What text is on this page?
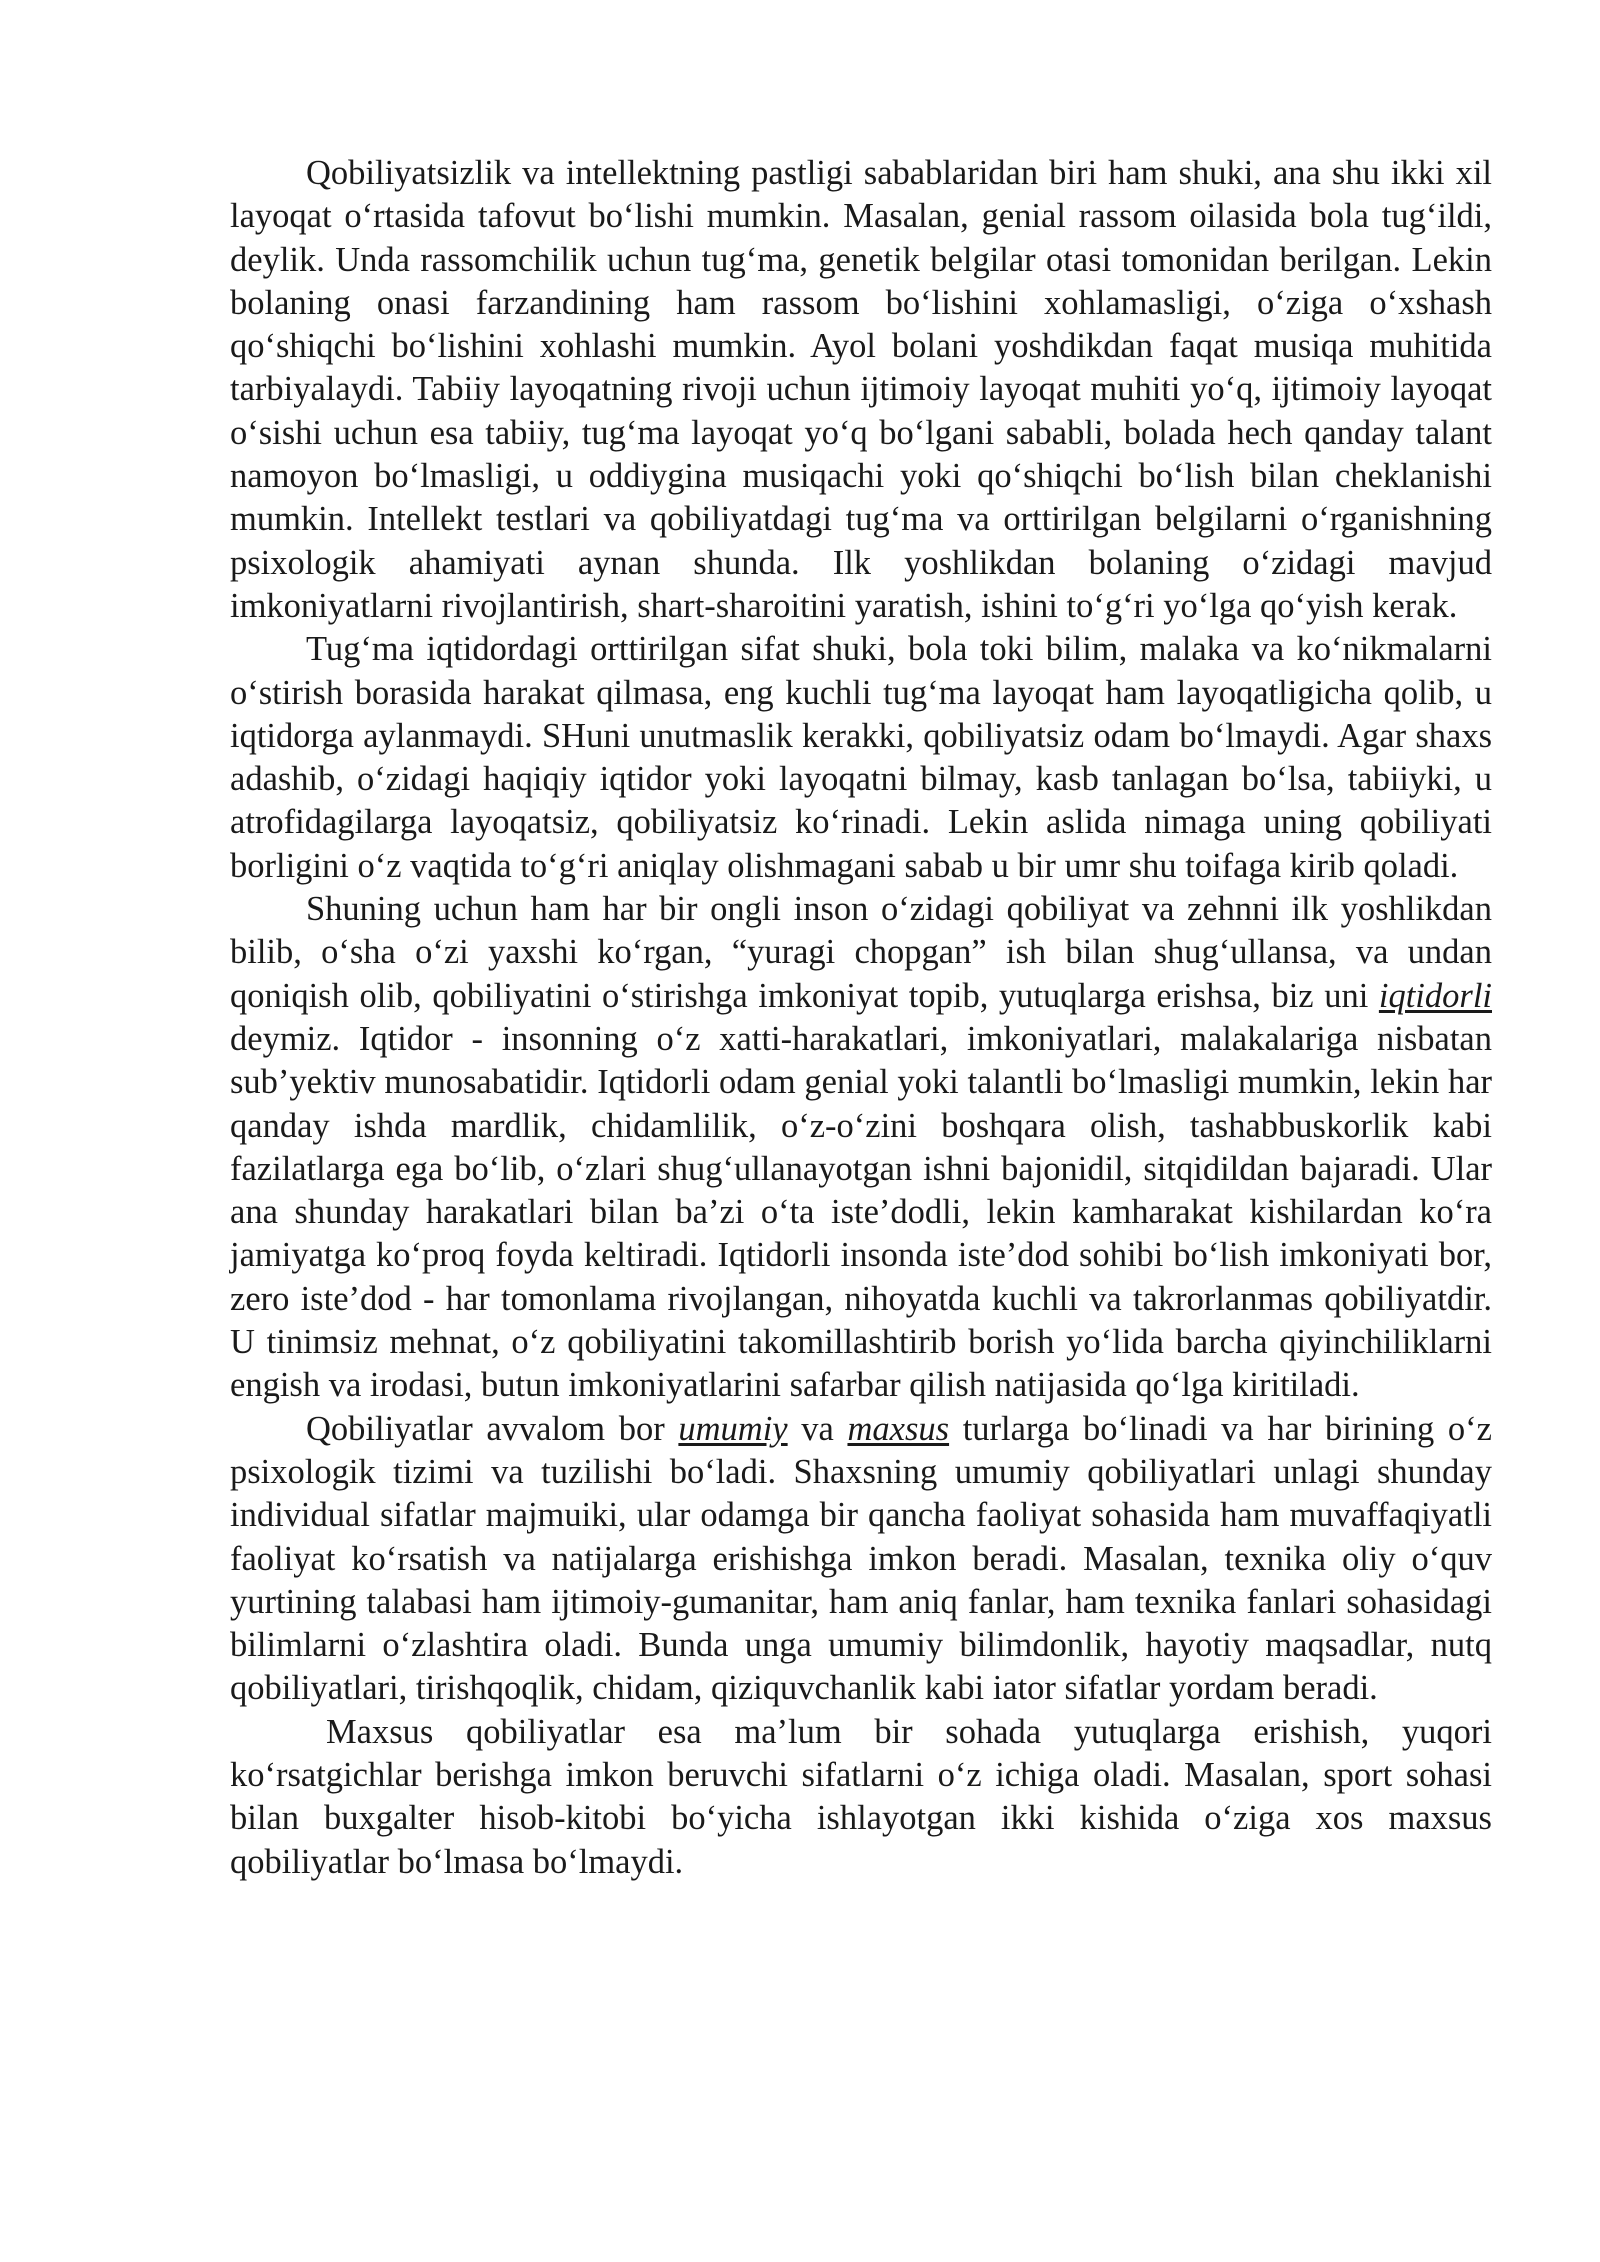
Qobiliyatsizlik va intellektning pastligi sabablaridan biri ham shuki, ana shu ikki xil layoqat o‘rtasida tafovut bo‘lishi mumkin. Masalan, genial rassom oilasida bola tug‘ildi, deylik. Unda rassomchilik uchun tug‘ma, genetik belgilar otasi tomonidan berilgan. Lekin bolaning onasi farzandining ham rassom bo‘lishini xohlamasligi, o‘ziga o‘xshash qo‘shiqchi bo‘lishini xohlashi mumkin. Ayol bolani yoshdikdan faqat musiqa muhitida tarbiyalaydi. Tabiiy layoqatning rivoji uchun ijtimoiy layoqat muhiti yo‘q, ijtimoiy layoqat o‘sishi uchun esa tabiiy, tug‘ma layoqat yo‘q bo‘lgani sababli, bolada hech qanday talant namoyon bo‘lmasligi, u oddiygina musiqachi yoki qo‘shiqchi bo‘lish bilan cheklanishi mumkin. Intellekt testlari va qobiliyatdagi tug‘ma va orttirilgan belgilarni o‘rganishning psixologik ahamiyati aynan shunda. Ilk yoshlikdan bolaning o‘zidagi mavjud imkoniyatlarni rivojlantirish, shart-sharoitini yaratish, ishini to‘g‘ri yo‘lga qo‘yish kerak.

Tug‘ma iqtidordagi orttirilgan sifat shuki, bola toki bilim, malaka va ko‘nikmalarni o‘stirish borasida harakat qilmasa, eng kuchli tug‘ma layoqat ham layoqatligicha qolib, u iqtidorga aylanmaydi. SHuni unutmaslik kerakki, qobiliyatsiz odam bo‘lmaydi. Agar shaxs adashib, o‘zidagi haqiqiy iqtidor yoki layoqatni bilmay, kasb tanlagan bo‘lsa, tabiiyki, u atrofidagilarga layoqatsiz, qobiliyatsiz ko‘rinadi. Lekin aslida nimaga uning qobiliyati borligini o‘z vaqtida to‘g‘ri aniqlay olishmagani sabab u bir umr shu toifaga kirib qoladi.

Shuning uchun ham har bir ongli inson o‘zidagi qobiliyat va zehnni ilk yoshlikdan bilib, o‘sha o‘zi yaxshi ko‘rgan, “yuragi chopgan” ish bilan shug‘ullansa, va undan qoniqish olib, qobiliyatini o‘stirishga imkoniyat topib, yutuqlarga erishsa, biz uni iqtidorli deymiz. Iqtidor - insonning o‘z xatti-harakatlari, imkoniyatlari, malakalariga nisbatan sub’yektiv munosabatidir. Iqtidorli odam genial yoki talantli bo‘lmasligi mumkin, lekin har qanday ishda mardlik, chidamlilik, o‘z-o‘zini boshqara olish, tashabbuskorlik kabi fazilatlarga ega bo‘lib, o‘zlari shug‘ullanayotgan ishni bajonidil, sitqidildan bajaradi. Ular ana shunday harakatlari bilan ba’zi o‘ta iste’dodli, lekin kamharakat kishilardan ko‘ra jamiyatga ko‘proq foyda keltiradi. Iqtidorli insonda iste’dod sohibi bo‘lish imkoniyati bor, zero iste’dod - har tomonlama rivojlangan, nihoyatda kuchli va takrorlanmas qobiliyatdir. U tinimsiz mehnat, o‘z qobiliyatini takomillashtirib borish yo‘lida barcha qiyinchiliklarni engish va irodasi, butun imkoniyatlarini safarbar qilish natijasida qo‘lga kiritiladi.

Qobiliyatlar avvalom bor umumiy va maxsus turlarga bo‘linadi va har birining o‘z psixologik tizimi va tuzilishi bo‘ladi. Shaxsning umumiy qobiliyatlari unlagi shunday individual sifatlar majmuiki, ular odamga bir qancha faoliyat sohasida ham muvaffaqiyatli faoliyat ko‘rsatish va natijalarga erishishga imkon beradi. Masalan, texnika oliy o‘quv yurtining talabasi ham ijtimoiy-gumanitar, ham aniq fanlar, ham texnika fanlari sohasidagi bilimlarni o‘zlashtira oladi. Bunda unga umumiy bilimdonlik, hayotiy maqsadlar, nutq qobiliyatlari, tirishqoqlik, chidam, qiziquvchanlik kabi iator sifatlar yordam beradi.

Maxsus qobiliyatlar esa ma’lum bir sohada yutuqlarga erishish, yuqori ko‘rsatgichlar berishga imkon beruvchi sifatlarni o‘z ichiga oladi. Masalan, sport sohasi bilan buxgalter hisob-kitobi bo‘yicha ishlayotgan ikki kishida o‘ziga xos maxsus qobiliyatlar bo‘lmasa bo‘lmaydi.
